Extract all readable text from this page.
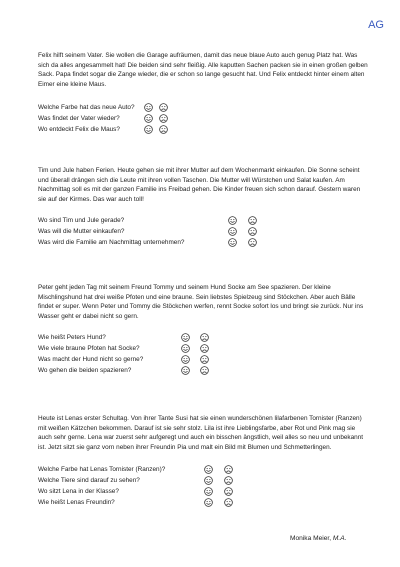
AG

Felix hilft seinem Vater. Sie wollen die Garage aufräumen, damit das neue blaue Auto auch genug Platz hat. Was sich da alles angesammelt hat! Die beiden sind sehr fleißig. Alle kaputten Sachen packen sie in einen großen gelben Sack. Papa findet sogar die Zange wieder, die er schon so lange gesucht hat. Und Felix entdeckt hinter einem alten Eimer eine kleine Maus.

Welche Farbe hat das neue Auto?
Was findet der Vater wieder?
Wo entdeckt Felix die Maus?

Tim und Jule haben Ferien. Heute gehen sie mit ihrer Mutter auf dem Wochenmarkt einkaufen. Die Sonne scheint und überall drängen sich die Leute mit ihren vollen Taschen. Die Mutter will Würstchen und Salat kaufen. Am Nachmittag soll es mit der ganzen Familie ins Freibad gehen. Die Kinder freuen sich schon darauf. Gestern waren sie auf der Kirmes. Das war auch toll!

Wo sind Tim und Jule gerade?
Was will die Mutter einkaufen?
Was wird die Familie am Nachmittag unternehmen?

Peter geht jeden Tag mit seinem Freund Tommy und seinem Hund Socke am See spazieren. Der kleine Mischlingshund hat drei weiße Pfoten und eine braune. Sein liebstes Spielzeug sind Stöckchen. Aber auch Bälle findet er super. Wenn Peter und Tommy die Stöckchen werfen, rennt Socke sofort los und bringt sie zurück. Nur ins Wasser geht er dabei nicht so gern.

Wie heißt Peters Hund?
Wie viele braune Pfoten hat Socke?
Was macht der Hund nicht so gerne?
Wo gehen die beiden spazieren?

Heute ist Lenas erster Schultag. Von ihrer Tante Susi hat sie einen wunderschönen lilafarbenen Tornister (Ranzen) mit weißen Kätzchen bekommen. Darauf ist sie sehr stolz. Lila ist ihre Lieblingsfarbe, aber Rot und Pink mag sie auch sehr gerne. Lena war zuerst sehr aufgeregt und auch ein bisschen ängstlich, weil alles so neu und unbekannt ist. Jetzt sitzt sie ganz vorn neben ihrer Freundin Pia und malt ein Bild mit Blumen und Schmetterlingen.

Welche Farbe hat Lenas Tornister (Ranzen)?
Welche Tiere sind darauf zu sehen?
Wo sitzt Lena in der Klasse?
Wie heißt Lenas Freundin?
Monika Meier, M.A.
